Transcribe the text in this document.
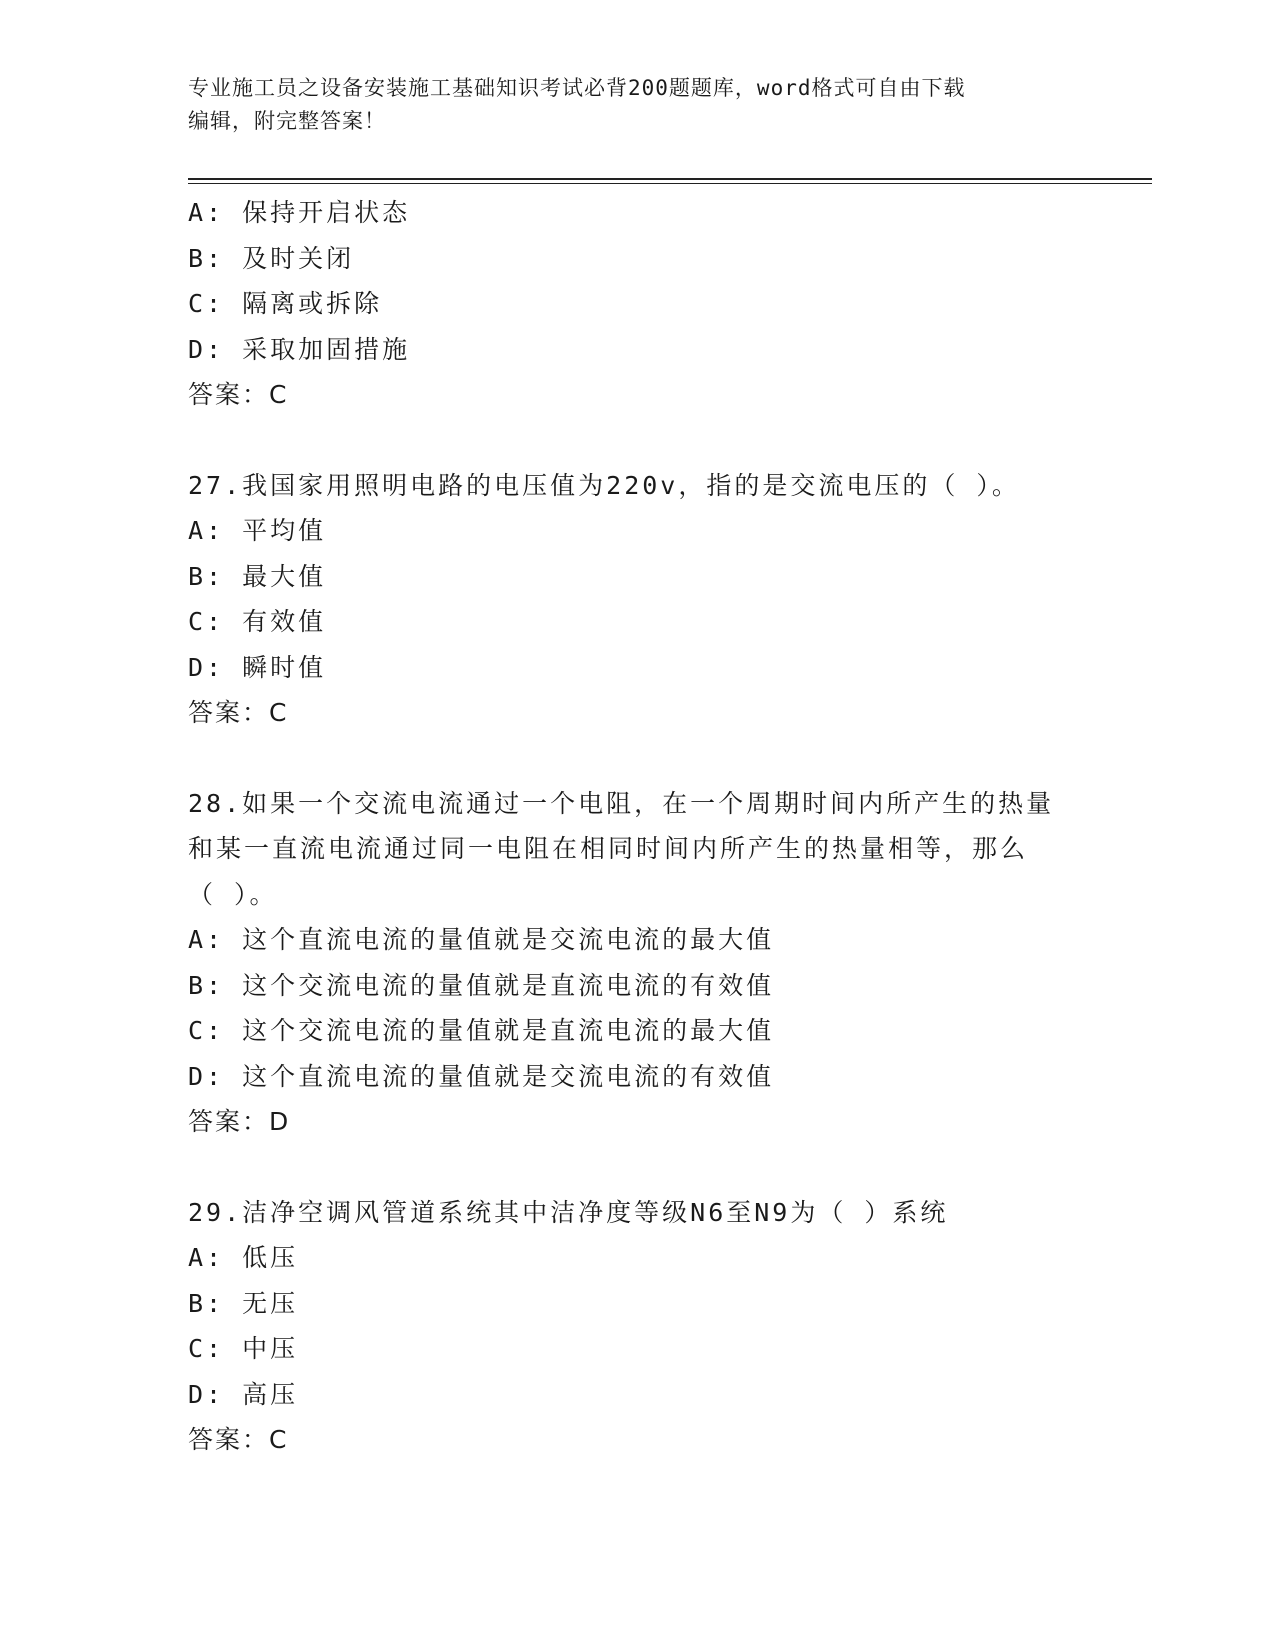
专业施工员之设备安装施工基础知识考试必背200题题库，word格式可自由下载
编辑，附完整答案！
A: 保持开启状态
B: 及时关闭
C: 隔离或拆除
D: 采取加固措施
答案：C
27.我国家用照明电路的电压值为220v，指的是交流电压的（ ）。
A: 平均值
B: 最大值
C: 有效值
D: 瞬时值
答案：C
28.如果一个交流电流通过一个电阻，在一个周期时间内所产生的热量
和某一直流电流通过同一电阻在相同时间内所产生的热量相等，那么
（ ）。
A: 这个直流电流的量值就是交流电流的最大值
B: 这个交流电流的量值就是直流电流的有效值
C: 这个交流电流的量值就是直流电流的最大值
D: 这个直流电流的量值就是交流电流的有效值
答案：D
29.洁净空调风管道系统其中洁净度等级N6至N9为（ ）系统
A: 低压
B: 无压
C: 中压
D: 高压
答案：C
